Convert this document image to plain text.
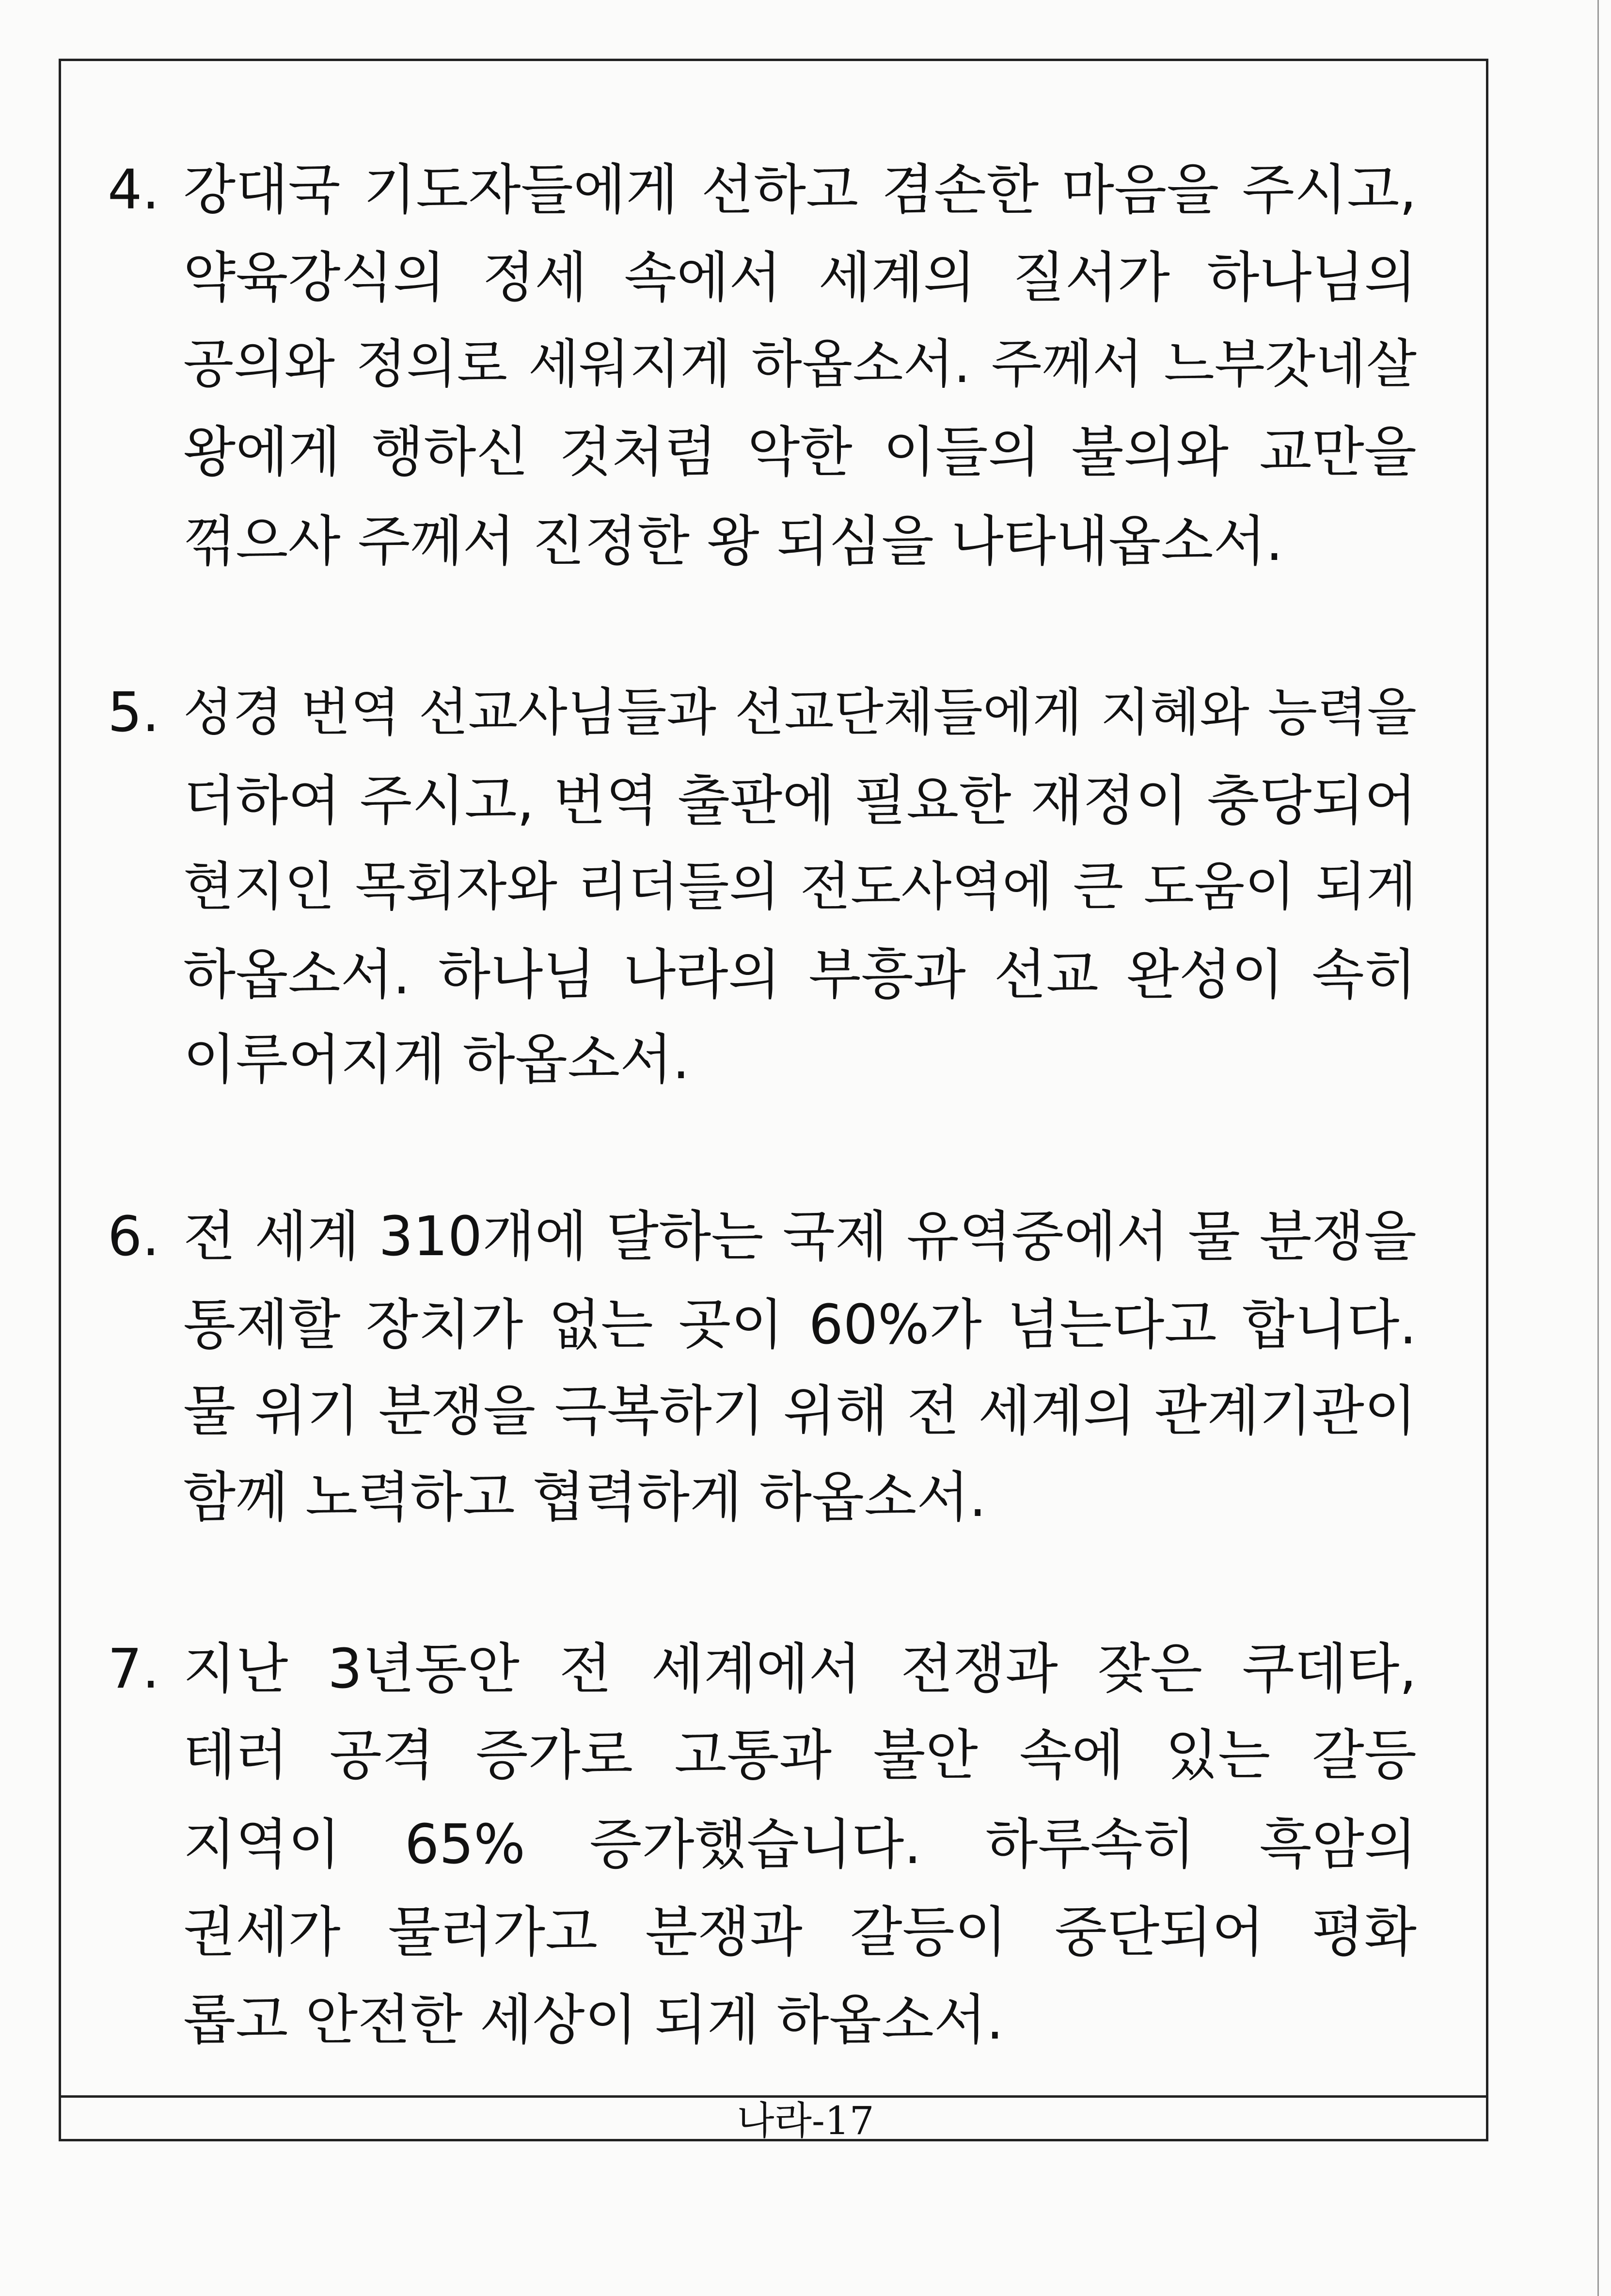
4. 강대국 기도자들에게 선하고 겸손한 마음을 주시고,
약육강식의 정세 속에서 세계의 질서가 하나님의
공의와 정의로 세워지게 하옵소서. 주께서 느부갓네살
왕에게 행하신 것처럼 악한 이들의 불의와 교만을
꺾으사 주께서 진정한 왕 되심을 나타내옵소서.
5. 성경 번역 선교사님들과 선교단체들에게 지혜와 능력을
더하여 주시고, 번역 출판에 필요한 재정이 충당되어
현지인 목회자와 리더들의 전도사역에 큰 도움이 되게
하옵소서. 하나님 나라의 부흥과 선교 완성이 속히
이루어지게 하옵소서.
6. 전 세계 310개에 달하는 국제 유역중에서 물 분쟁을
통제할 장치가 없는 곳이 60%가 넘는다고 합니다.
물 위기 분쟁을 극복하기 위해 전 세계의 관계기관이
함께 노력하고 협력하게 하옵소서.
7. 지난 3년동안 전 세계에서 전쟁과 잦은 쿠데타,
테러 공격 증가로 고통과 불안 속에 있는 갈등
지역이 65% 증가했습니다. 하루속히 흑암의
권세가 물러가고 분쟁과 갈등이 중단되어 평화
롭고 안전한 세상이 되게 하옵소서.
나라-17
